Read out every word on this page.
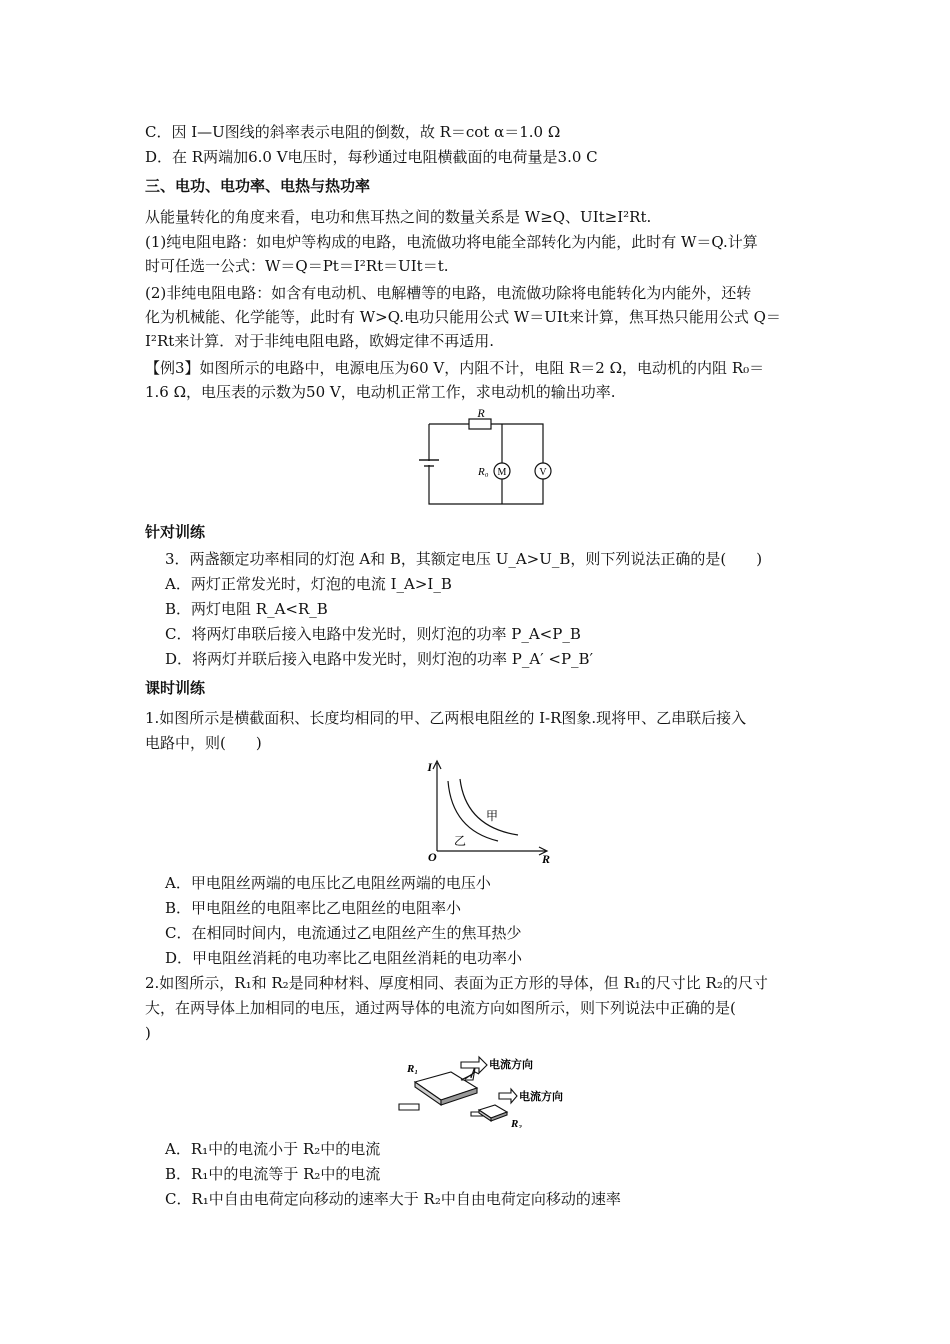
C．因 I—U图线的斜率表示电阻的倒数，故 R＝cot α＝1.0 Ω
D．在 R两端加6.0 V电压时，每秒通过电阻横截面的电荷量是3.0 C
三、电功、电功率、电热与热功率
从能量转化的角度来看，电功和焦耳热之间的数量关系是 W≥Q、UIt≥I²Rt.
(1)纯电阻电路：如电炉等构成的电路，电流做功将电能全部转化为内能，此时有 W＝Q.计算
时可任选一公式：W＝Q＝Pt＝I²Rt＝UIt＝t.
(2)非纯电阻电路：如含有电动机、电解槽等的电路，电流做功除将电能转化为内能外，还转
化为机械能、化学能等，此时有 W>Q.电功只能用公式 W＝UIt来计算，焦耳热只能用公式 Q＝
I²Rt来计算．对于非纯电阻电路，欧姆定律不再适用.
【例3】如图所示的电路中，电源电压为60 V，内阻不计，电阻 R＝2 Ω，电动机的内阻 R₀＝
1.6 Ω，电压表的示数为50 V，电动机正常工作，求电动机的输出功率.
R
R₀ M	V
针对训练
3．两盏额定功率相同的灯泡 A和 B，其额定电压 U_A>U_B，则下列说法正确的是(　　)
A．两灯正常发光时，灯泡的电流 I_A>I_B
B．两灯电阻 R_A<R_B
C．将两灯串联后接入电路中发光时，则灯泡的功率 P_A<P_B
D．将两灯并联后接入电路中发光时，则灯泡的功率 P_A′ <P_B′
课时训练
1.如图所示是横截面积、长度均相同的甲、乙两根电阻丝的 I-R图象.现将甲、乙串联后接入
电路中，则(　　)
I
R
O
甲
乙
A．甲电阻丝两端的电压比乙电阻丝两端的电压小
B．甲电阻丝的电阻率比乙电阻丝的电阻率小
C．在相同时间内，电流通过乙电阻丝产生的焦耳热少
D．甲电阻丝消耗的电功率比乙电阻丝消耗的电功率小
2.如图所示，R₁和 R₂是同种材料、厚度相同、表面为正方形的导体，但 R₁的尺寸比 R₂的尺寸
大，在两导体上加相同的电压，通过两导体的电流方向如图所示，则下列说法中正确的是(
)
R₁
R₂
电流方向
电流方向
A．R₁中的电流小于 R₂中的电流
B．R₁中的电流等于 R₂中的电流
C．R₁中自由电荷定向移动的速率大于 R₂中自由电荷定向移动的速率
